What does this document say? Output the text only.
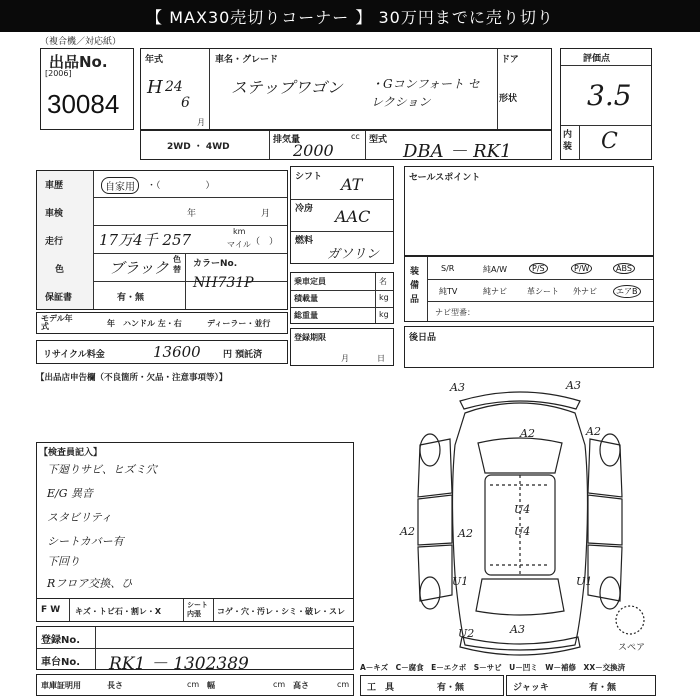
【 MAX30売切りコーナー 】 30万円までに売り切り
（複合機／対応紙）
出品No.
[2006]
30084
年式
H 24
6
月
車名・グレード
ステップワゴン ・Gコンフォート セレクション
ドア
形状
評価点
3.5
内装 C
2WD ・ 4WD
排気量	cc
2000
型式
DBA － RK1
車歴	自家用	・（　　　　　）
車検	年	月
走行 17万4千 257	km
マイル （　）
色	ブラック 色替
保証書	有・無
カラーNo.
NH731P
モデル年式	年 ハンドル 左・右	ディーラー・並行
リサイクル料金	13600 円 預託済
シフト AT
冷房 AAC
燃料
ガソリン
乗車定員	名
積載量	kg
総重量	kg
登録期限
月	日
セールスポイント
装備品
S/R	純A/W	P/S	P/W	ABS
純TV	純ナビ	革シート 外ナビ	エアB
ナビ型番：
後日品
【出品店申告欄（不良箇所・欠品・注意事項等）】
【検査員記入】
下廻りサビ、ヒズミ穴
E/G 異音
スタビリティ
シートカバー有
下回り
Rフロア交換、ひ
F W キズ・トビ石・割レ・X
シート 内張	コゲ・穴・汚レ・シミ・破レ・スレ
登録No.
車台No. RK1 － 1302389
車庫証明用	長さ	cm 幅	cm 高さ	cm
A－キズ　C－腐食　E－エクボ　S－サビ　U－凹ミ　W－補修　XX－交換済
工　具	有・無	ジャッキ	有・無
A3	A3
A2	A2
A2	A2
U4
U4
U1	U1
U2	A3
スペア
